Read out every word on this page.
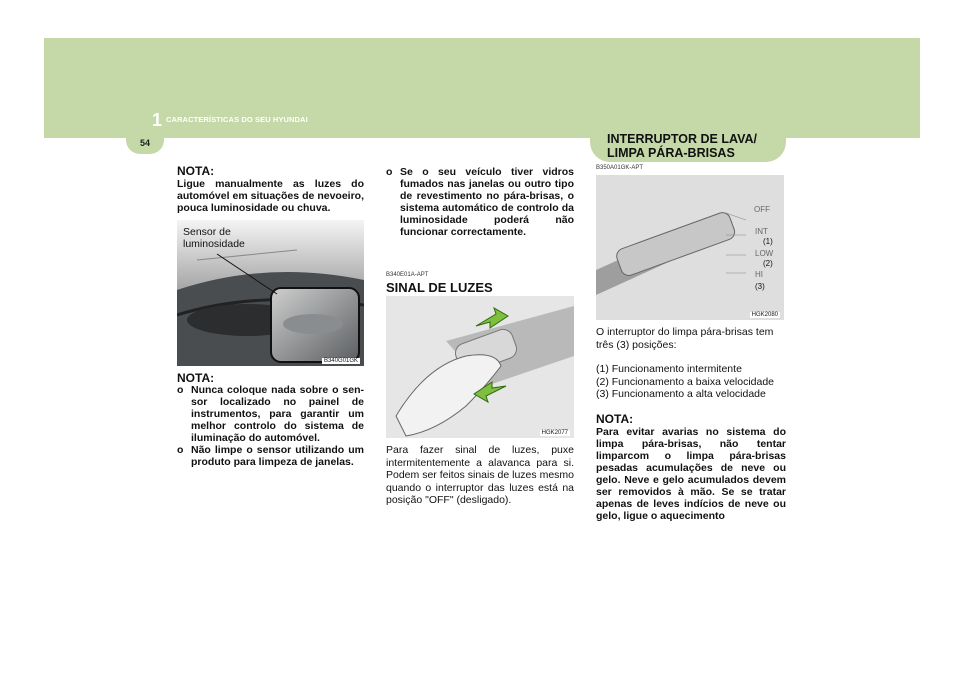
1 CARACTERÍSTICAS DO SEU HYUNDAI
54	INTERRUPTOR DE LAVA/
LIMPA PÁRA-BRISAS
NOTA:
Ligue manualmente as luzes do automóvel em situações de nevoeiro, pouca luminosidade ou chuva.
Sensor de
luminosidade
B340G01GK
NOTA:
o Nunca coloque nada sobre o sen-sor localizado no painel de instrumentos, para garantir um melhor controlo do sistema de iluminação do automóvel.
o Não limpe o sensor utilizando um produto para limpeza de janelas.
o Se o seu veículo tiver vidros fumados nas janelas ou outro tipo de revestimento no pára-brisas, o sistema automático de controlo da luminosidade poderá não funcionar correctamente.
B340E01A-APT
SINAL DE LUZES
HGK2077
Para fazer sinal de luzes, puxe intermitentemente a alavanca para si. Podem ser feitos sinais de luzes mesmo quando o interruptor das luzes está na posição "OFF" (desligado).
B350A01GK-APT
OFF
INT
(1)
LOW
(2)
HI
(3)
HGK2080
O interruptor do limpa pára-brisas tem três (3) posições:
(1) Funcionamento intermitente
(2) Funcionamento a baixa velocidade
(3) Funcionamento a alta velocidade
NOTA:
Para evitar avarias no sistema do limpa pára-brisas, não tentar limparcom o limpa pára-brisas pesadas acumulações de neve ou gelo. Neve e gelo acumulados devem ser removidos à mão. Se se tratar apenas de leves indícios de neve ou gelo, ligue o aquecimento
